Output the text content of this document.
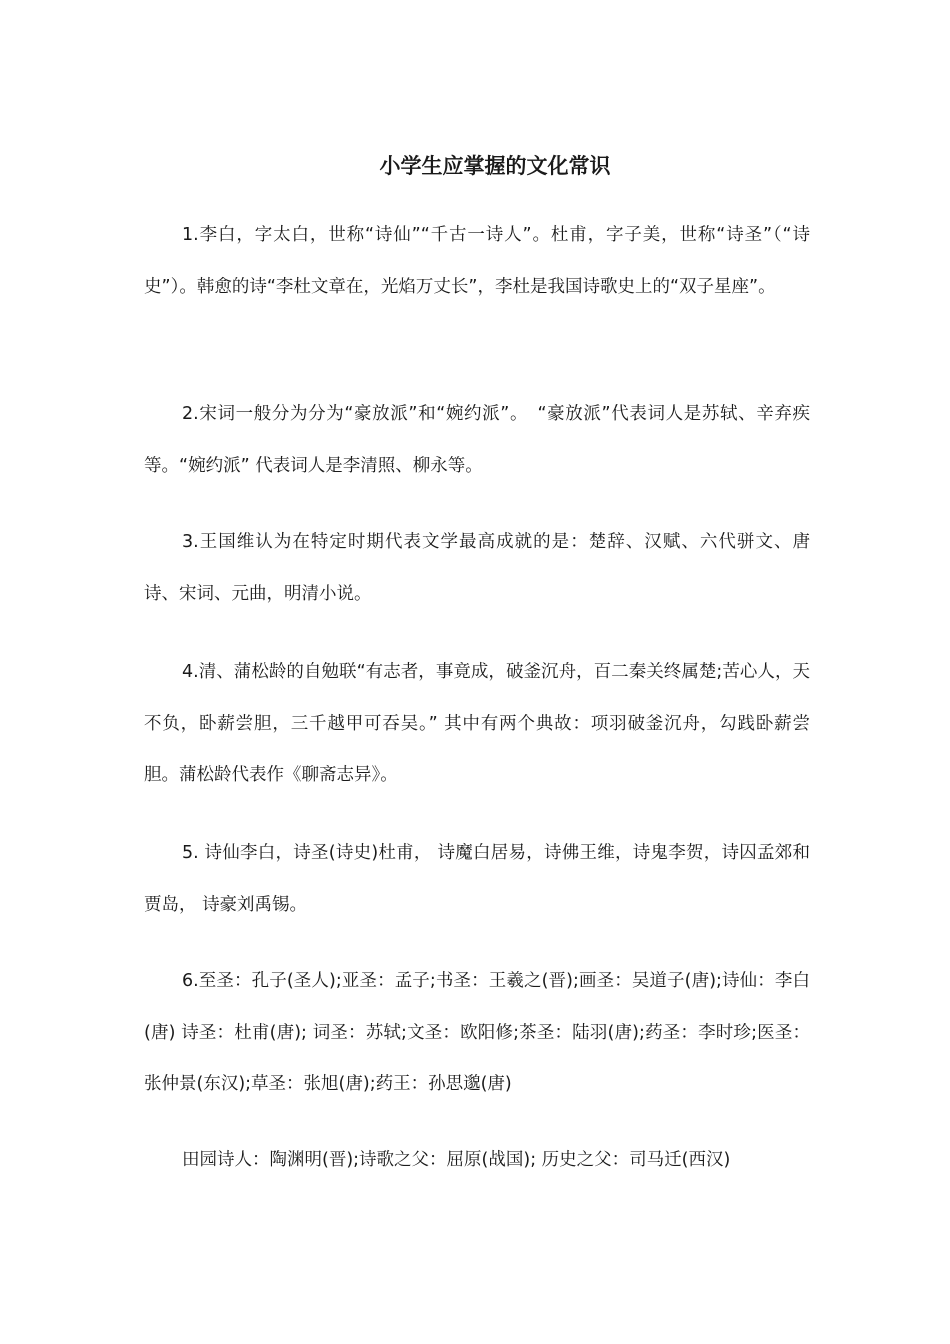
小学生应掌握的文化常识

1.李白，字太白，世称“诗仙”“千古一诗人”。杜甫，字子美，世称“诗圣”（“诗史”）。韩愈的诗“李杜文章在，光焰万丈长”，李杜是我国诗歌史上的“双子星座”。

2.宋词一般分为分为“豪放派”和“婉约派”。　“豪放派”代表词人是苏轼、辛弃疾等。“婉约派” 代表词人是李清照、柳永等。

3.王国维认为在特定时期代表文学最高成就的是：楚辞、汉赋、六代骈文、唐诗、宋词、元曲，明清小说。

4.清、蒲松龄的自勉联“有志者，事竟成，破釜沉舟，百二秦关终属楚;苦心人，天不负，卧薪尝胆，三千越甲可吞吴。” 其中有两个典故：项羽破釜沉舟，勾践卧薪尝胆。蒲松龄代表作《聊斋志异》。

5. 诗仙李白，诗圣(诗史)杜甫， 诗魔白居易，诗佛王维，诗鬼李贺，诗囚孟郊和贾岛， 诗豪刘禹锡。

6.至圣：孔子(圣人);亚圣：孟子;书圣：王羲之(晋);画圣：吴道子(唐);诗仙：李白(唐) 诗圣：杜甫(唐); 词圣：苏轼;文圣：欧阳修;茶圣：陆羽(唐);药圣：李时珍;医圣：张仲景(东汉);草圣：张旭(唐);药王：孙思邈(唐)

田园诗人：陶渊明(晋);诗歌之父：屈原(战国); 历史之父：司马迁(西汉)
